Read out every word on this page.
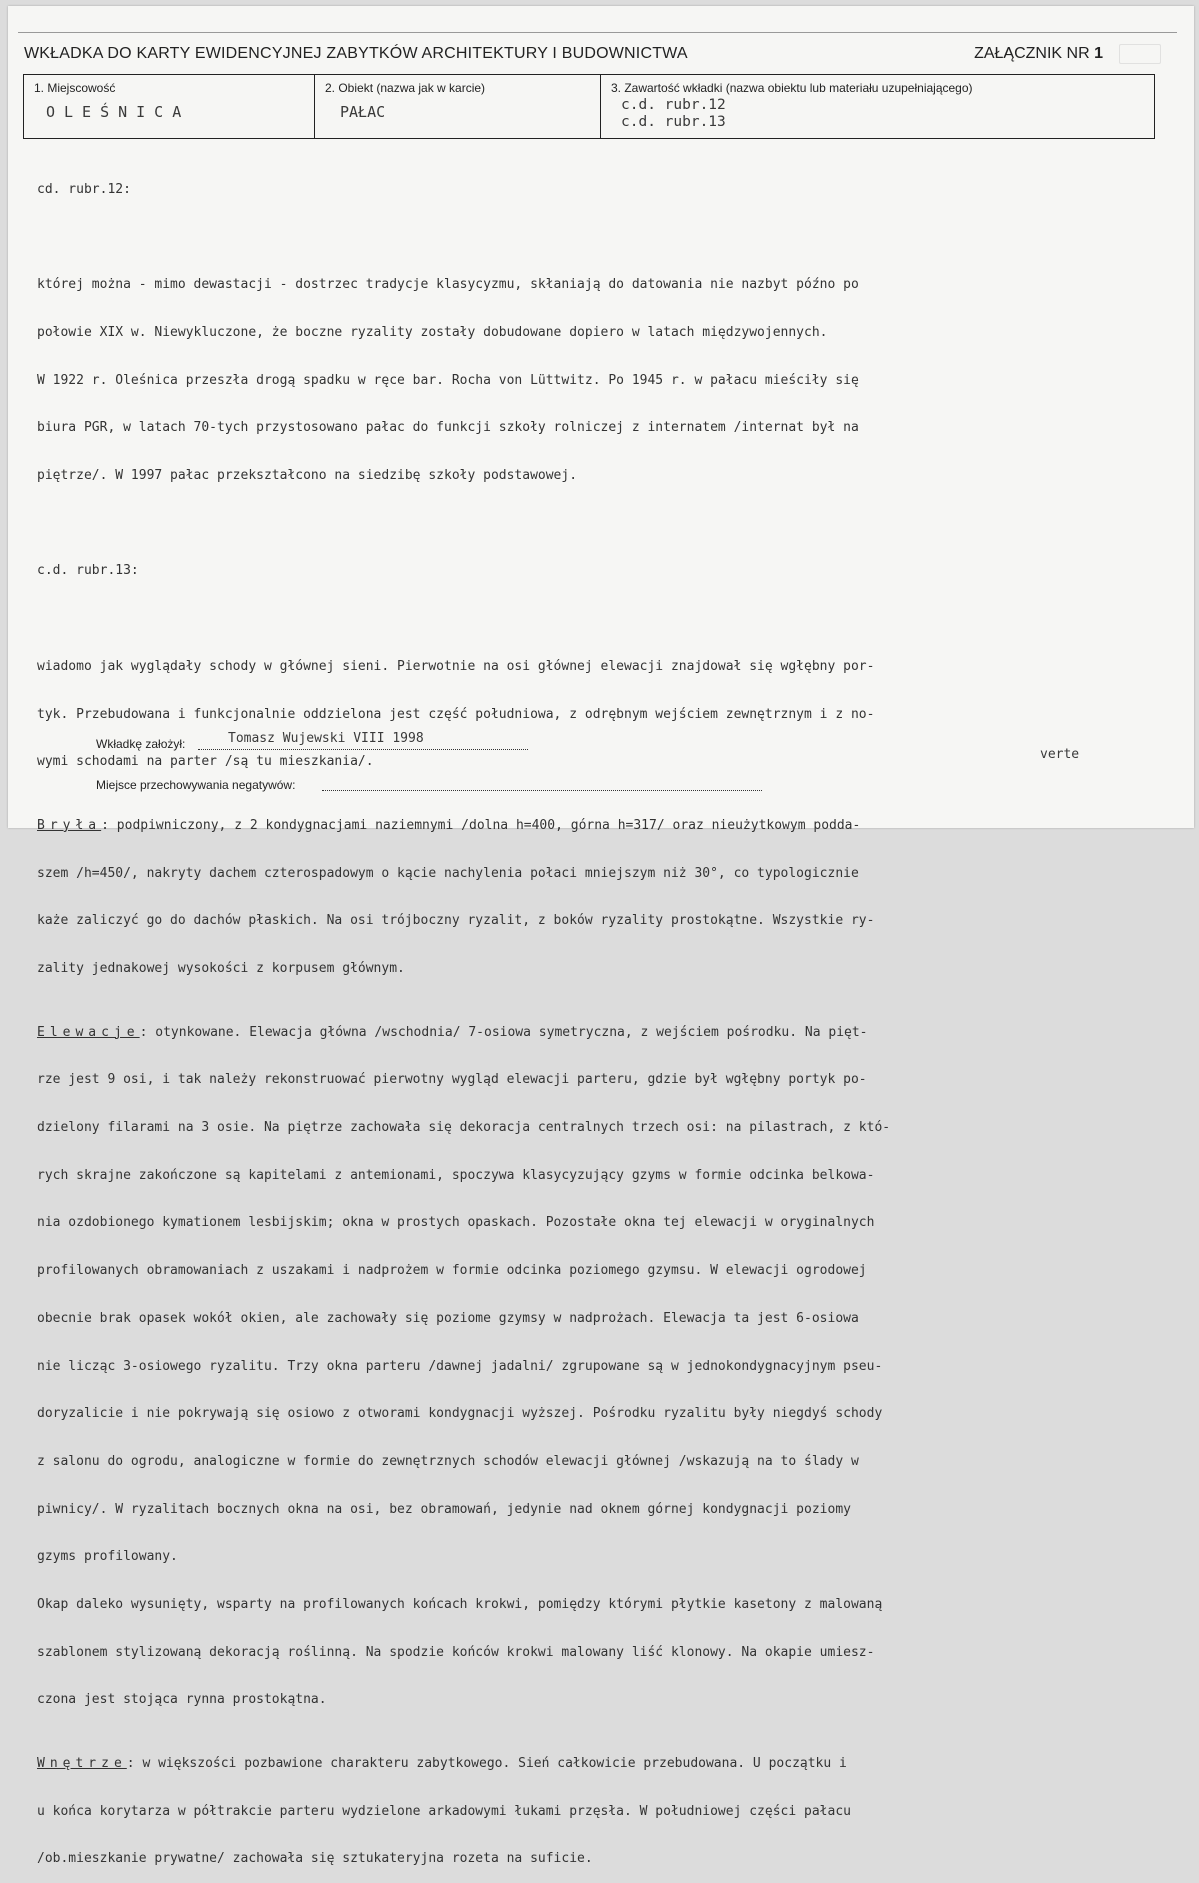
WKŁADKA DO KARTY EWIDENCYJNEJ ZABYTKÓW ARCHITEKTURY I BUDOWNICTWA	ZAŁĄCZNIK NR 1
1. Miejscowość
OLEŚNICA
2. Obiekt (nazwa jak w karcie)
PAŁAC
3. Zawartość wkładki (nazwa obiektu lub materiału uzupełniającego)
c.d. rubr.12
c.d. rubr.13

cd. rubr.12:

której można - mimo dewastacji - dostrzec tradycje klasycyzmu, skłaniają do datowania nie nazbyt późno po

połowie XIX w. Niewykluczone, że boczne ryzality zostały dobudowane dopiero w latach międzywojennych.

W 1922 r. Oleśnica przeszła drogą spadku w ręce bar. Rocha von Lüttwitz. Po 1945 r. w pałacu mieściły się

biura PGR, w latach 70-tych przystosowano pałac do funkcji szkoły rolniczej z internatem /internat był na

piętrze/. W 1997 pałac przekształcono na siedzibę szkoły podstawowej.

c.d. rubr.13:

wiadomo jak wyglądały schody w głównej sieni. Pierwotnie na osi głównej elewacji znajdował się wgłębny por-

tyk. Przebudowana i funkcjonalnie oddzielona jest część południowa, z odrębnym wejściem zewnętrznym i z no-

wymi schodami na parter /są tu mieszkania/.

Bryła: podpiwniczony, z 2 kondygnacjami naziemnymi /dolna h=400, górna h=317/ oraz nieużytkowym podda-

szem /h=450/, nakryty dachem czterospadowym o kącie nachylenia połaci mniejszym niż 30°, co typologicznie

każe zaliczyć go do dachów płaskich. Na osi trójboczny ryzalit, z boków ryzality prostokątne. Wszystkie ry-

zality jednakowej wysokości z korpusem głównym.

Elewacje: otynkowane. Elewacja główna /wschodnia/ 7-osiowa symetryczna, z wejściem pośrodku. Na pięt-

rze jest 9 osi, i tak należy rekonstruować pierwotny wygląd elewacji parteru, gdzie był wgłębny portyk po-

dzielony filarami na 3 osie. Na piętrze zachowała się dekoracja centralnych trzech osi: na pilastrach, z któ-

rych skrajne zakończone są kapitelami z antemionami, spoczywa klasycyzujący gzyms w formie odcinka belkowa-

nia ozdobionego kymationem lesbijskim; okna w prostych opaskach. Pozostałe okna tej elewacji w oryginalnych

profilowanych obramowaniach z uszakami i nadprożem w formie odcinka poziomego gzymsu. W elewacji ogrodowej

obecnie brak opasek wokół okien, ale zachowały się poziome gzymsy w nadprożach. Elewacja ta jest 6-osiowa

nie licząc 3-osiowego ryzalitu. Trzy okna parteru /dawnej jadalni/ zgrupowane są w jednokondygnacyjnym pseu-

doryzalicie i nie pokrywają się osiowo z otworami kondygnacji wyższej. Pośrodku ryzalitu były niegdyś schody

z salonu do ogrodu, analogiczne w formie do zewnętrznych schodów elewacji głównej /wskazują na to ślady w

piwnicy/. W ryzalitach bocznych okna na osi, bez obramowań, jedynie nad oknem górnej kondygnacji poziomy

gzyms profilowany.

Okap daleko wysunięty, wsparty na profilowanych końcach krokwi, pomiędzy którymi płytkie kasetony z malowaną

szablonem stylizowaną dekoracją roślinną. Na spodzie końców krokwi malowany liść klonowy. Na okapie umiesz-

czona jest stojąca rynna prostokątna.

Wnętrze: w większości pozbawione charakteru zabytkowego. Sień całkowicie przebudowana. U początku i

u końca korytarza w półtrakcie parteru wydzielone arkadowymi łukami przęsła. W południowej części pałacu

/ob.mieszkanie prywatne/ zachowała się sztukateryjna rozeta na suficie.

Wkładkę założył:	Tomasz Wujewski VIII 1998
verte
Miejsce przechowywania negatywów:
